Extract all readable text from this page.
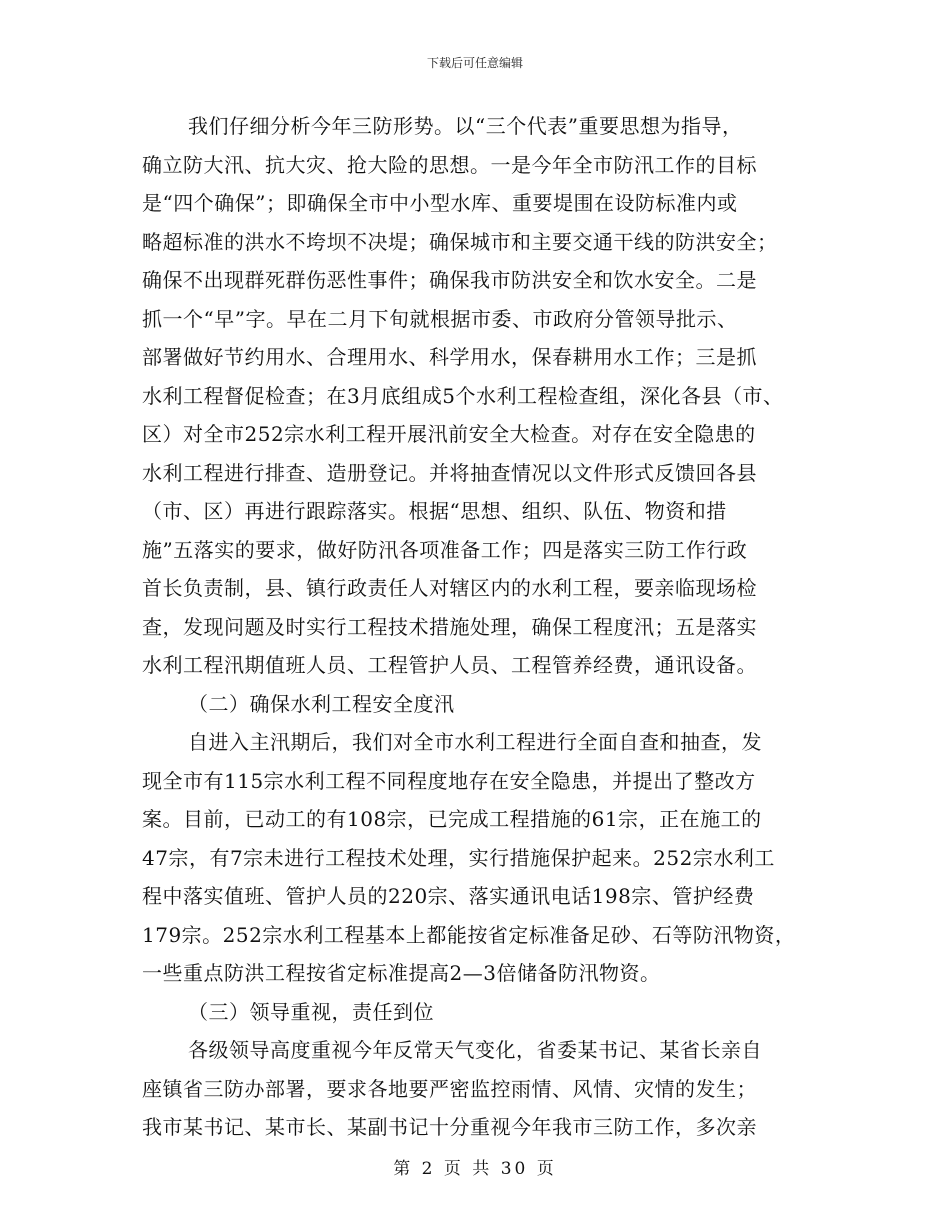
下载后可任意编辑
我们仔细分析今年三防形势。以“三个代表”重要思想为指导，
确立防大汛、抗大灾、抢大险的思想。一是今年全市防汛工作的目标
是“四个确保”；即确保全市中小型水库、重要堤围在设防标准内或
略超标准的洪水不垮坝不决堤；确保城市和主要交通干线的防洪安全；
确保不出现群死群伤恶性事件；确保我市防洪安全和饮水安全。二是
抓一个“早”字。早在二月下旬就根据市委、市政府分管领导批示、
部署做好节约用水、合理用水、科学用水，保春耕用水工作；三是抓
水利工程督促检查；在3月底组成5个水利工程检查组，深化各县（市、
区）对全市252宗水利工程开展汛前安全大检查。对存在安全隐患的
水利工程进行排查、造册登记。并将抽查情况以文件形式反馈回各县
（市、区）再进行跟踪落实。根据“思想、组织、队伍、物资和措
施”五落实的要求，做好防汛各项准备工作；四是落实三防工作行政
首长负责制，县、镇行政责任人对辖区内的水利工程，要亲临现场检
查，发现问题及时实行工程技术措施处理，确保工程度汛；五是落实
水利工程汛期值班人员、工程管护人员、工程管养经费，通讯设备。
（二）确保水利工程安全度汛
自进入主汛期后，我们对全市水利工程进行全面自查和抽查，发
现全市有115宗水利工程不同程度地存在安全隐患，并提出了整改方
案。目前，已动工的有108宗，已完成工程措施的61宗，正在施工的
47宗，有7宗未进行工程技术处理，实行措施保护起来。252宗水利工
程中落实值班、管护人员的220宗、落实通讯电话198宗、管护经费
179宗。252宗水利工程基本上都能按省定标准备足砂、石等防汛物资，
一些重点防洪工程按省定标准提高2—3倍储备防汛物资。
（三）领导重视，责任到位
各级领导高度重视今年反常天气变化，省委某书记、某省长亲自
座镇省三防办部署，要求各地要严密监控雨情、风情、灾情的发生；
我市某书记、某市长、某副书记十分重视今年我市三防工作，多次亲
第 2 页 共 30 页
